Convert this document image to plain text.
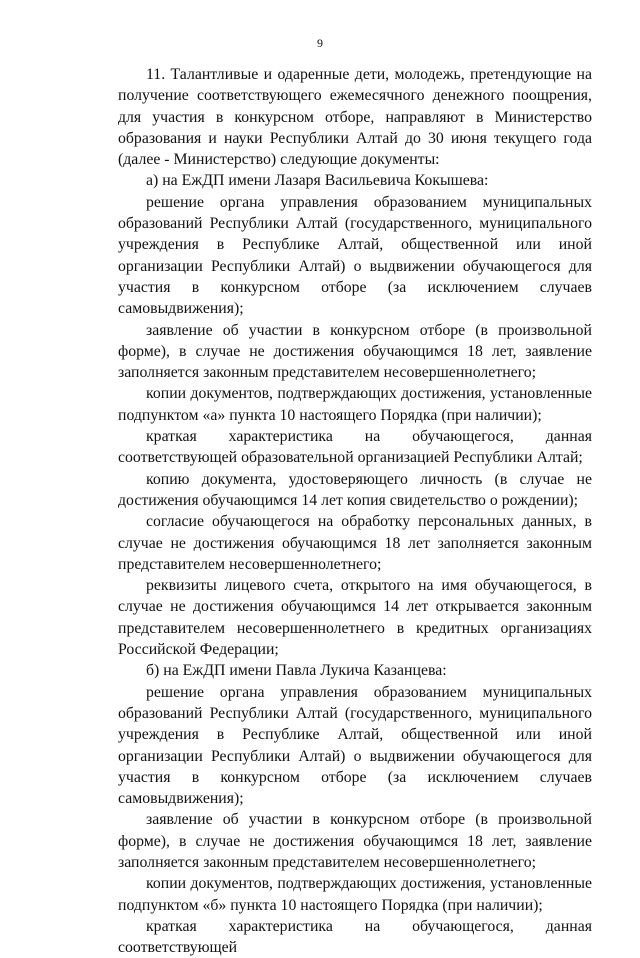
9

11. Талантливые и одаренные дети, молодежь, претендующие на получение соответствующего ежемесячного денежного поощрения, для участия в конкурсном отборе, направляют в Министерство образования и науки Республики Алтай до 30 июня текущего года (далее - Министерство) следующие документы:

а) на ЕжДП имени Лазаря Васильевича Кокышева:

решение органа управления образованием муниципальных образований Республики Алтай (государственного, муниципального учреждения в Республике Алтай, общественной или иной организации Республики Алтай) о выдвижении обучающегося для участия в конкурсном отборе (за исключением случаев самовыдвижения);

заявление об участии в конкурсном отборе (в произвольной форме), в случае не достижения обучающимся 18 лет, заявление заполняется законным представителем несовершеннолетнего;

копии документов, подтверждающих достижения, установленные подпунктом «а» пункта 10 настоящего Порядка (при наличии);

краткая характеристика на обучающегося, данная соответствующей образовательной организацией Республики Алтай;

копию документа, удостоверяющего личность (в случае не достижения обучающимся 14 лет копия свидетельство о рождении);

согласие обучающегося на обработку персональных данных, в случае не достижения обучающимся 18 лет заполняется законным представителем несовершеннолетнего;

реквизиты лицевого счета, открытого на имя обучающегося, в случае не достижения обучающимся 14 лет открывается законным представителем несовершеннолетнего в кредитных организациях Российской Федерации;

б) на ЕжДП имени Павла Лукича Казанцева:

решение органа управления образованием муниципальных образований Республики Алтай (государственного, муниципального учреждения в Республике Алтай, общественной или иной организации Республики Алтай) о выдвижении обучающегося для участия в конкурсном отборе (за исключением случаев самовыдвижения);

заявление об участии в конкурсном отборе (в произвольной форме), в случае не достижения обучающимся 18 лет, заявление заполняется законным представителем несовершеннолетнего;

копии документов, подтверждающих достижения, установленные подпунктом «б» пункта 10 настоящего Порядка (при наличии);

краткая характеристика на обучающегося, данная соответствующей
